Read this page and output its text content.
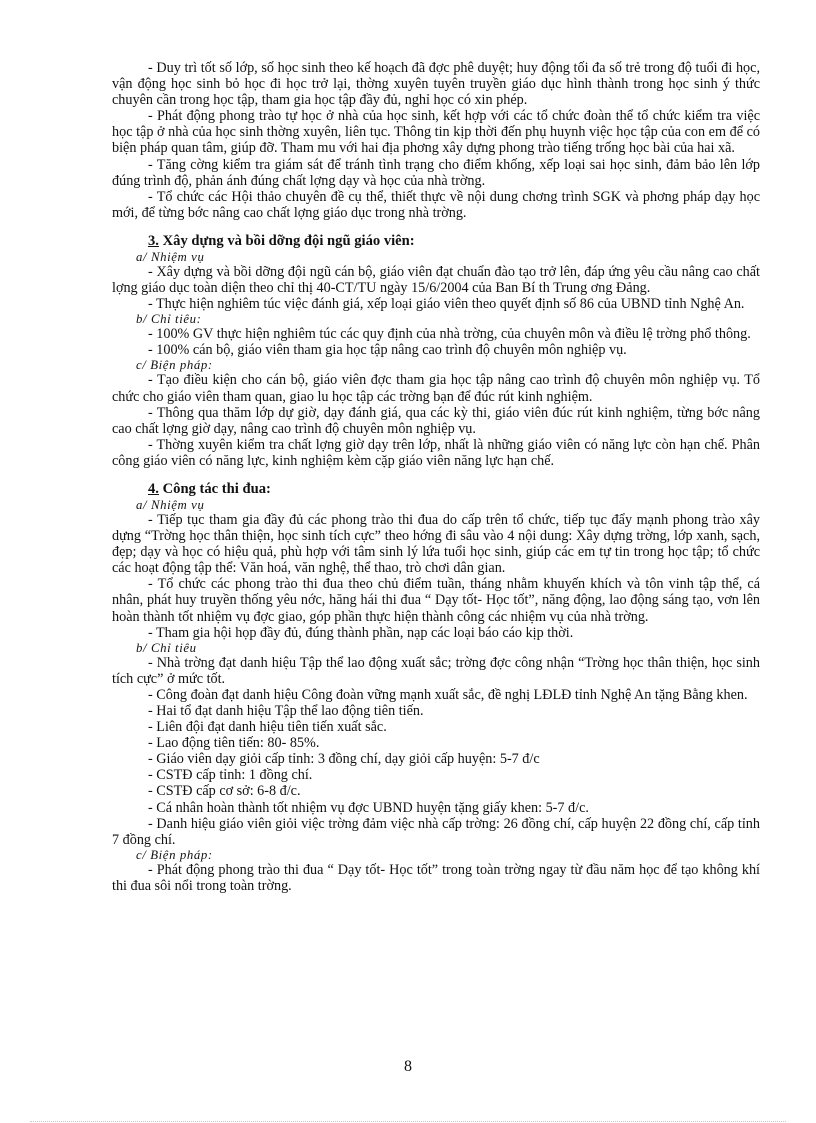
- Duy trì tốt số lớp, số học sinh theo kế hoạch đã đợc phê duyệt; huy động tối đa số trẻ trong độ tuổi đi học, vận động học sinh bỏ học đi học trở lại, thờng xuyên tuyên truyền giáo dục hình thành trong học sinh ý thức chuyên cần trong học tập, tham gia học tập đầy đủ, nghỉ học có xin phép.

- Phát động phong trào tự học ở nhà của học sinh, kết hợp với các tổ chức đoàn thể tổ chức kiểm tra việc học tập ở nhà của học sinh thờng xuyên, liên tục. Thông tin kịp thời đến phụ huynh việc học tập của con em để có biện pháp quan tâm, giúp đỡ. Tham mu với hai địa phơng xây dựng phong trào tiếng trống học bài của hai xã.

- Tăng cờng kiểm tra giám sát để tránh tình trạng cho điểm khống, xếp loại sai học sinh, đảm bảo lên lớp đúng trình độ, phản ánh đúng chất lợng dạy và học của nhà trờng.

- Tổ chức các Hội thảo chuyên đề cụ thể, thiết thực về nội dung chơng trình SGK và phơng pháp dạy học mới, để từng bớc nâng cao chất lợng giáo dục trong nhà trờng.

3. Xây dựng và bồi dỡng đội ngũ giáo viên:

a/ Nhiệm vụ

- Xây dựng và bồi dỡng đội ngũ cán bộ, giáo viên đạt chuẩn đào tạo trở lên, đáp ứng yêu cầu nâng cao chất lợng giáo dục toàn diện theo chỉ thị 40-CT/TU ngày 15/6/2004 của Ban Bí th Trung ơng Đảng.

- Thực hiện nghiêm túc việc đánh giá, xếp loại giáo viên theo quyết định số 86 của UBND tỉnh Nghệ An.

b/ Chỉ tiêu:

- 100% GV thực hiện nghiêm túc các quy định của nhà trờng, của chuyên môn và điều lệ trờng phổ thông.

- 100% cán bộ, giáo viên tham gia học tập nâng cao trình độ chuyên môn nghiệp vụ.

c/ Biện pháp:

- Tạo điều kiện cho cán bộ, giáo viên đợc tham gia học tập nâng cao trình độ chuyên môn nghiệp vụ. Tổ chức cho giáo viên tham quan, giao lu học tập các trờng bạn để đúc rút kinh nghiệm.

- Thông qua thăm lớp dự giờ, dạy đánh giá, qua các kỳ thi, giáo viên đúc rút kinh nghiệm, từng bớc nâng cao chất lợng giờ dạy, nâng cao trình độ chuyên môn nghiệp vụ.

- Thờng xuyên kiểm tra chất lợng giờ dạy trên lớp, nhất là những giáo viên có năng lực còn hạn chế. Phân công giáo viên có năng lực, kinh nghiệm kèm cặp giáo viên năng lực hạn chế.

4. Công tác thi đua:

a/ Nhiệm vụ

- Tiếp tục tham gia đầy đủ các phong trào thi đua do cấp trên tổ chức, tiếp tục đẩy mạnh phong trào xây dựng “Trờng học thân thiện, học sinh tích cực” theo hớng đi sâu vào 4 nội dung: Xây dựng trờng, lớp xanh, sạch, đẹp; dạy và học có hiệu quả, phù hợp với tâm sinh lý lứa tuổi học sinh, giúp các em tự tin trong học tập; tổ chức các hoạt động tập thể: Văn hoá, văn nghệ, thể thao, trò chơi dân gian.

- Tổ chức các phong trào thi đua theo chủ điểm tuần, tháng nhằm khuyến khích và tôn vinh tập thể, cá nhân, phát huy truyền thống yêu nớc, hăng hái thi đua “ Dạy tốt- Học tốt”, năng động, lao động sáng tạo, vơn lên hoàn thành tốt nhiệm vụ đợc giao, góp phần thực hiện thành công các nhiệm vụ của nhà trờng.

- Tham gia hội họp đầy đủ, đúng thành phần, nạp các loại báo cáo kịp thời.

b/ Chỉ tiêu

- Nhà trờng đạt danh hiệu Tập thể lao động xuất sắc; trờng đợc công nhận “Trờng học thân thiện, học sinh tích cực” ở mức tốt.

- Công đoàn đạt danh hiệu Công đoàn vững mạnh xuất sắc, đề nghị LĐLĐ tỉnh Nghệ An tặng Bằng khen.

- Hai tổ đạt danh hiệu Tập thể lao động tiên tiến.

- Liên đội đạt danh hiệu tiên tiến xuất sắc.

- Lao động tiên tiến: 80- 85%.

- Giáo viên dạy giỏi cấp tỉnh: 3 đồng chí, dạy giỏi cấp huyện: 5-7 đ/c

- CSTĐ cấp tỉnh: 1 đồng chí.

- CSTĐ cấp cơ sở: 6-8 đ/c.

- Cá nhân hoàn thành tốt nhiệm vụ đợc UBND huyện tặng giấy khen: 5-7 đ/c.

- Danh hiệu giáo viên giỏi việc trờng đảm việc nhà cấp trờng: 26 đồng chí, cấp huyện 22 đồng chí, cấp tỉnh 7 đồng chí.

c/ Biện pháp:

- Phát động phong trào thi đua “ Dạy tốt- Học tốt” trong toàn trờng ngay từ đầu năm học để tạo không khí thi đua sôi nổi trong toàn trờng.

8
